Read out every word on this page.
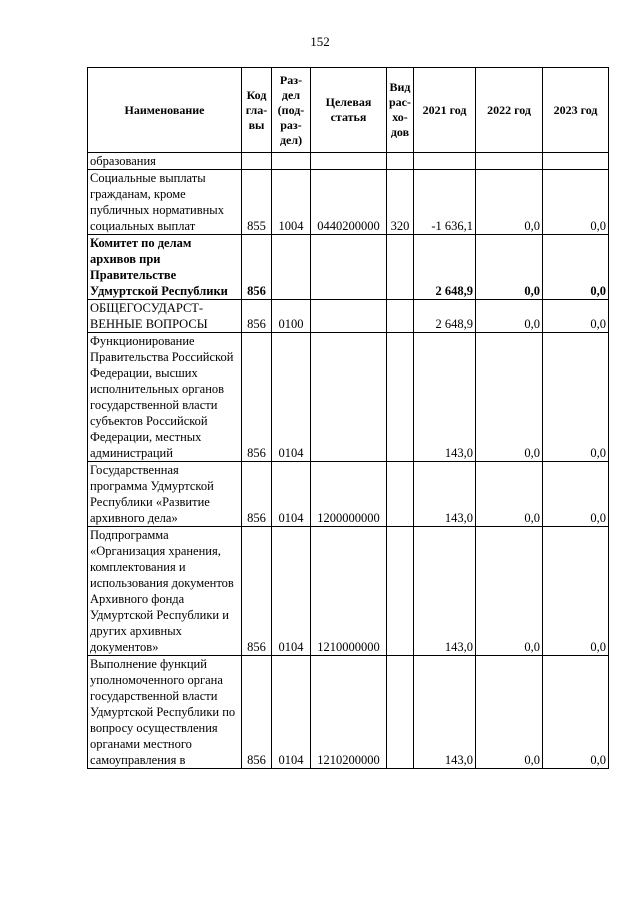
152
Наименование	Код гла-вы	Раз-дел (под-раз-дел)	Целевая статья	Вид рас-хо-дов	2021 год	2022 год	2023 год
образования							
Социальные выплаты гражданам, кроме публичных нормативных социальных выплат	855	1004	0440200000	320	-1 636,1	0,0	0,0
Комитет по делам архивов при Правительстве Удмуртской Республики	856				2 648,9	0,0	0,0
ОБЩЕГОСУДАРСТ-ВЕННЫЕ ВОПРОСЫ	856	0100			2 648,9	0,0	0,0
Функционирование Правительства Российской Федерации, высших исполнительных органов государственной власти субъектов Российской Федерации, местных администраций	856	0104			143,0	0,0	0,0
Государственная программа Удмуртской Республики «Развитие архивного дела»	856	0104	1200000000		143,0	0,0	0,0
Подпрограмма «Организация хранения, комплектования и использования документов Архивного фонда Удмуртской Республики и других архивных документов»	856	0104	1210000000		143,0	0,0	0,0
Выполнение функций уполномоченного органа государственной власти Удмуртской Республики по вопросу осуществления органами местного самоуправления в	856	0104	1210200000		143,0	0,0	0,0
